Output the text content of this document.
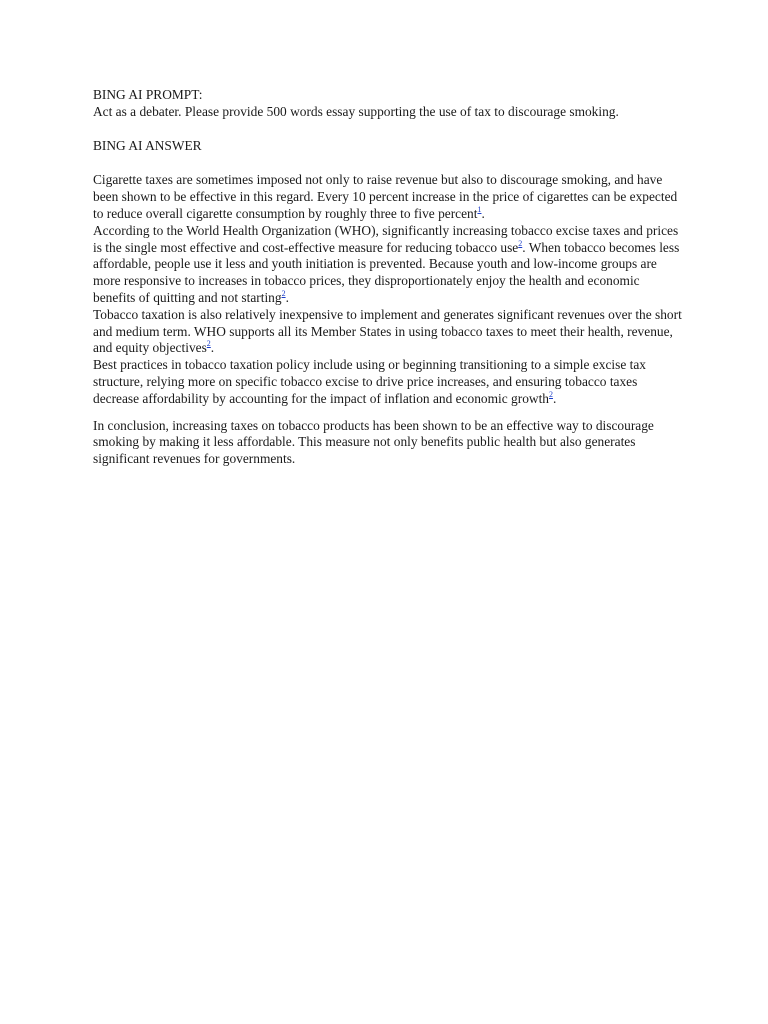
BING AI PROMPT:

Act as a debater. Please provide 500 words essay supporting the use of tax to discourage smoking.

BING AI ANSWER

Cigarette taxes are sometimes imposed not only to raise revenue but also to discourage smoking, and have been shown to be effective in this regard. Every 10 percent increase in the price of cigarettes can be expected to reduce overall cigarette consumption by roughly three to five percent$^1$.

According to the World Health Organization (WHO), significantly increasing tobacco excise taxes and prices is the single most effective and cost-effective measure for reducing tobacco use$^2$. When tobacco becomes less affordable, people use it less and youth initiation is prevented. Because youth and low-income groups are more responsive to increases in tobacco prices, they disproportionately enjoy the health and economic benefits of quitting and not starting$^2$.

Tobacco taxation is also relatively inexpensive to implement and generates significant revenues over the short and medium term. WHO supports all its Member States in using tobacco taxes to meet their health, revenue, and equity objectives$^2$.

Best practices in tobacco taxation policy include using or beginning transitioning to a simple excise tax structure, relying more on specific tobacco excise to drive price increases, and ensuring tobacco taxes decrease affordability by accounting for the impact of inflation and economic growth$^2$.

In conclusion, increasing taxes on tobacco products has been shown to be an effective way to discourage smoking by making it less affordable. This measure not only benefits public health but also generates significant revenues for governments.
